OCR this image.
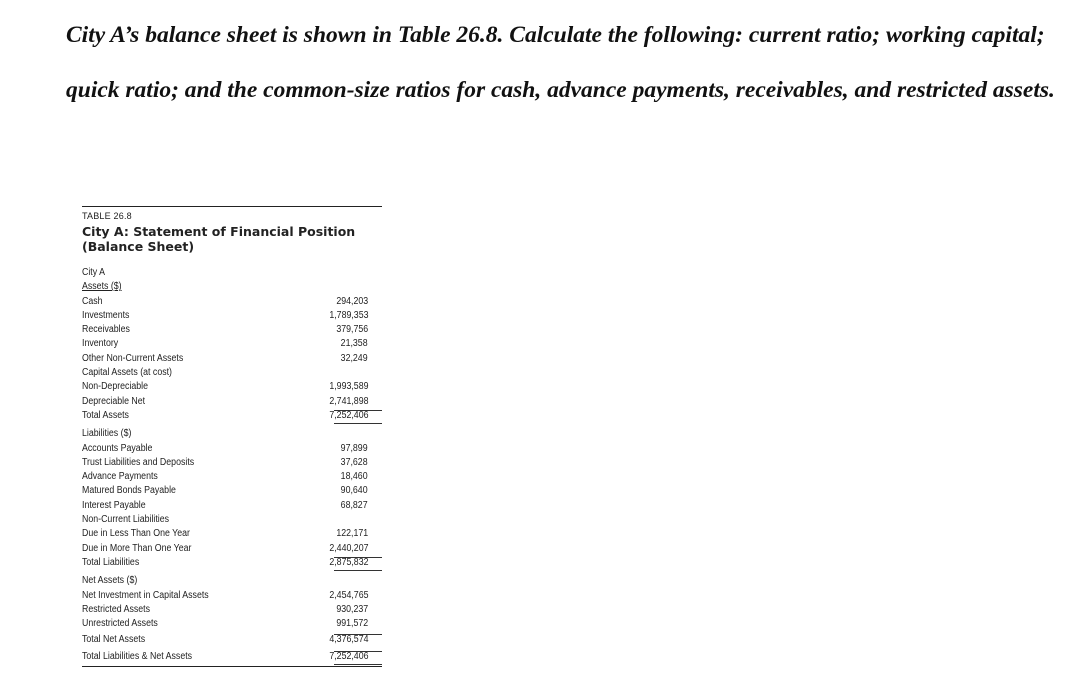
City A’s balance sheet is shown in Table 26.8. Calculate the following: current ratio; working capital; quick ratio; and the common-size ratios for cash, advance payments, receivables, and restricted assets.

TABLE 26.8
City A: Statement of Financial Position
(Balance Sheet)
City A
Assets ($)
Cash	294,203
Investments	1,789,353
Receivables	379,756
Inventory	21,358
Other Non-Current Assets	32,249
Capital Assets (at cost)
Non-Depreciable	1,993,589
Depreciable Net	2,741,898
Total Assets	7,252,406
Liabilities ($)
Accounts Payable	97,899
Trust Liabilities and Deposits	37,628
Advance Payments	18,460
Matured Bonds Payable	90,640
Interest Payable	68,827
Non-Current Liabilities
Due in Less Than One Year	122,171
Due in More Than One Year	2,440,207
Total Liabilities	2,875,832
Net Assets ($)
Net Investment in Capital Assets	2,454,765
Restricted Assets	930,237
Unrestricted Assets	991,572
Total Net Assets	4,376,574
Total Liabilities & Net Assets	7,252,406
